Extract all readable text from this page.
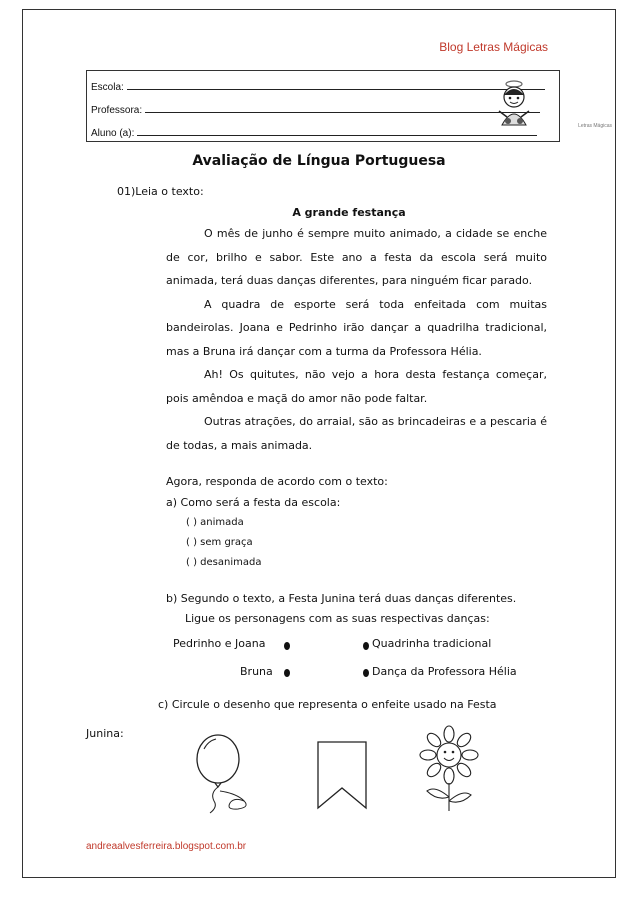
Blog Letras Mágicas
Escola:
Professora:
Aluno (a):
Letras Mágicas
Avaliação de Língua Portuguesa
01)Leia o texto:
A grande festança

O mês de junho é sempre muito animado, a cidade se enche de cor, brilho e sabor. Este ano a festa da escola será muito animada, terá duas danças diferentes, para ninguém ficar parado.

A quadra de esporte será toda enfeitada com muitas bandeirolas. Joana e Pedrinho irão dançar a quadrilha tradicional, mas a Bruna irá dançar com a turma da Professora Hélia.

Ah! Os quitutes, não vejo a hora desta festança começar, pois amêndoa e maçã do amor não pode faltar.

Outras atrações, do arraial, são as brincadeiras e a pescaria é de todas, a mais animada.

Agora, responda de acordo com o texto:
a) Como será a festa da escola:
( ) animada
( ) sem graça
( ) desanimada
b) Segundo o texto, a Festa Junina terá duas danças diferentes.
Ligue os personagens com as suas respectivas danças:
Pedrinho e Joana	Quadrinha tradicional
Bruna	Dança da Professora Hélia
c) Circule o desenho que representa o enfeite usado na Festa
Junina:
andreaalvesferreira.blogspot.com.br
